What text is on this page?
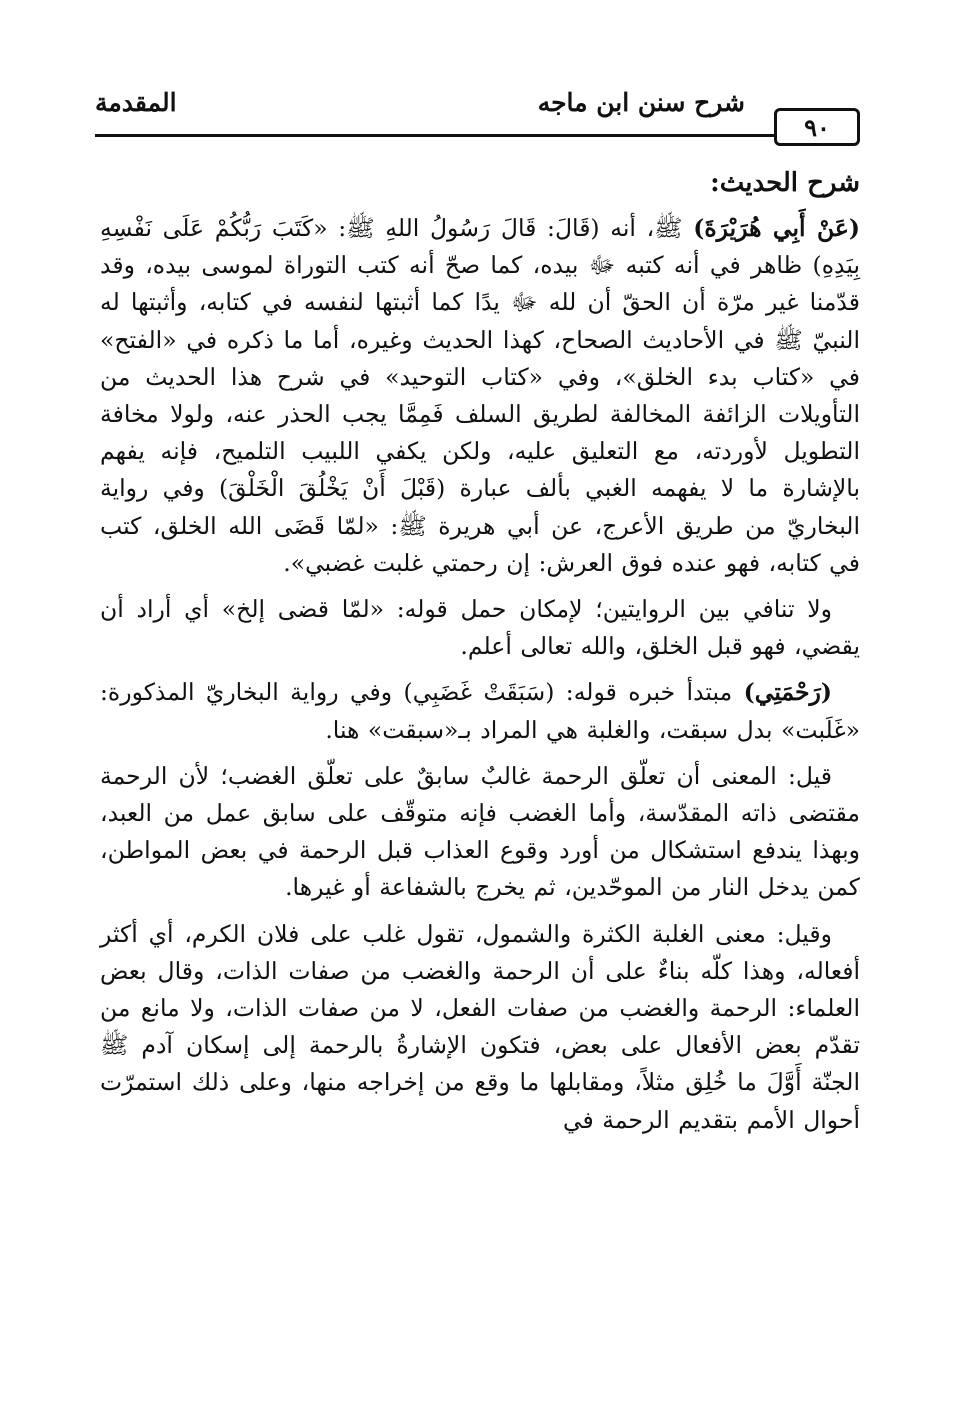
٩٠
شرح سنن ابن ماجه
المقدمة
شرح الحديث:

(عَنْ أَبِي هُرَيْرَةَ) ﷺ، أنه (قَالَ: قَالَ رَسُولُ اللهِ ﷺ: «كَتَبَ رَبُّكُمْ عَلَى نَفْسِهِ بِيَدِهِ) ظاهر في أنه كتبه ﷻ بيده، كما صحّ أنه كتب التوراة لموسى بيده، وقد قدّمنا غير مرّة أن الحقّ أن لله ﷻ يدًا كما أثبتها لنفسه في كتابه، وأثبتها له النبيّ ﷺ في الأحاديث الصحاح، كهذا الحديث وغيره، أما ما ذكره في «الفتح» في «كتاب بدء الخلق»، وفي «كتاب التوحيد» في شرح هذا الحديث من التأويلات الزائفة المخالفة لطريق السلف فَمِمَّا يجب الحذر عنه، ولولا مخافة التطويل لأوردته، مع التعليق عليه، ولكن يكفي اللبيب التلميح، فإنه يفهم بالإشارة ما لا يفهمه الغبي بألف عبارة (قَبْلَ أَنْ يَخْلُقَ الْخَلْقَ) وفي رواية البخاريّ من طريق الأعرج، عن أبي هريرة ﷺ: «لمّا قَضَى الله الخلق، كتب في كتابه، فهو عنده فوق العرش: إن رحمتي غلبت غضبي».

ولا تنافي بين الروايتين؛ لإمكان حمل قوله: «لمّا قضى إلخ» أي أراد أن يقضي، فهو قبل الخلق، والله تعالى أعلم.

(رَحْمَتِي) مبتدأ خبره قوله: (سَبَقَتْ غَضَبِي) وفي رواية البخاريّ المذكورة: «غَلَبت» بدل سبقت، والغلبة هي المراد بـ«سبقت» هنا.

قيل: المعنى أن تعلّق الرحمة غالبٌ سابقٌ على تعلّق الغضب؛ لأن الرحمة مقتضى ذاته المقدّسة، وأما الغضب فإنه متوقّف على سابق عمل من العبد، وبهذا يندفع استشكال من أورد وقوع العذاب قبل الرحمة في بعض المواطن، كمن يدخل النار من الموحّدين، ثم يخرج بالشفاعة أو غيرها.

وقيل: معنى الغلبة الكثرة والشمول، تقول غلب على فلان الكرم، أي أكثر أفعاله، وهذا كلّه بناءٌ على أن الرحمة والغضب من صفات الذات، وقال بعض العلماء: الرحمة والغضب من صفات الفعل، لا من صفات الذات، ولا مانع من تقدّم بعض الأفعال على بعض، فتكون الإشارةُ بالرحمة إلى إسكان آدم ﷺ الجنّة أَوَّلَ ما خُلِق مثلاً، ومقابلها ما وقع من إخراجه منها، وعلى ذلك استمرّت أحوال الأمم بتقديم الرحمة في
